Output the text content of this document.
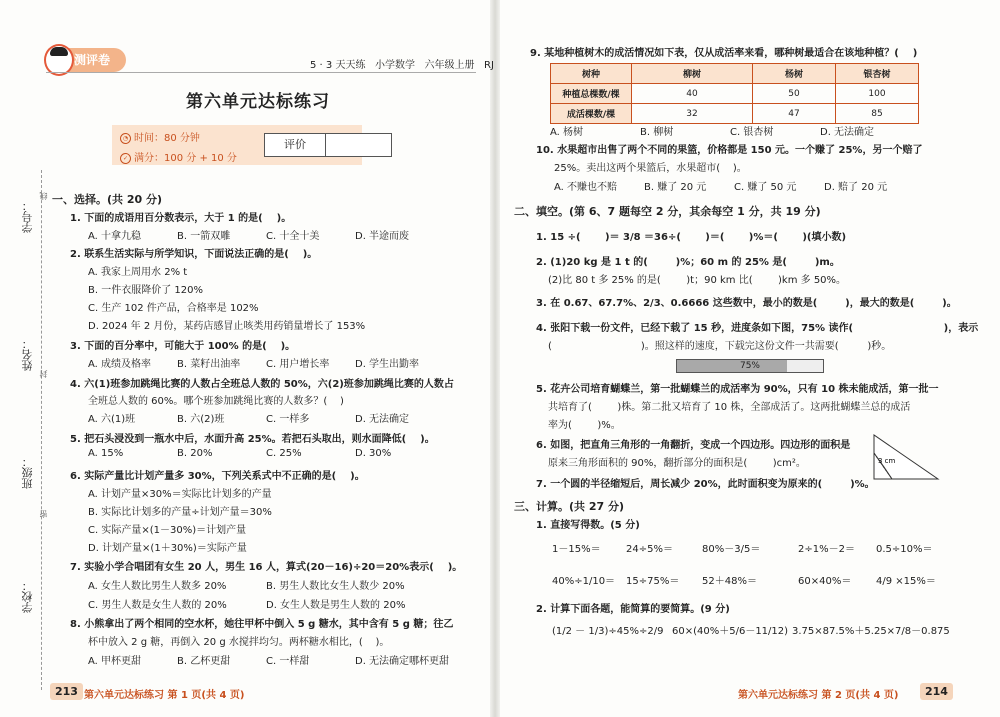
测评卷	5 · 3 天天练   小学数学   六年级上册   RJ
第六单元达标练习
◔ 时间：80 分钟
✓ 满分：100 分 + 10 分
评价
学号：
线
姓名：
封
班级：
密
学校：
一、选择。(共 20 分)
1. 下面的成语用百分数表示，大于 1 的是(    )。
A. 十拿九稳	B. 一箭双雕	C. 十全十美	D. 半途而废
2. 联系生活实际与所学知识，下面说法正确的是(    )。
A. 我家上周用水 2% t
B. 一件衣服降价了 120%
C. 生产 102 件产品，合格率是 102%
D. 2024 年 2 月份，某药店感冒止咳类用药销量增长了 153%
3. 下面的百分率中，可能大于 100% 的是(    )。
A. 成绩及格率	B. 菜籽出油率	C. 用户增长率	D. 学生出勤率
4. 六(1)班参加跳绳比赛的人数占全班总人数的 50%，六(2)班参加跳绳比赛的人数占
全班总人数的 60%。哪个班参加跳绳比赛的人数多？(    )
A. 六(1)班	B. 六(2)班	C. 一样多	D. 无法确定
5. 把石头浸没到一瓶水中后，水面升高 25%。若把石头取出，则水面降低(    )。
A. 15%	B. 20%	C. 25%	D. 30%
6. 实际产量比计划产量多 30%，下列关系式中不正确的是(    )。
A. 计划产量×30%＝实际比计划多的产量
B. 实际比计划多的产量÷计划产量＝30%
C. 实际产量×(1－30%)＝计划产量
D. 计划产量×(1＋30%)＝实际产量
7. 实验小学合唱团有女生 20 人，男生 16 人，算式(20－16)÷20＝20%表示(    )。
A. 女生人数比男生人数多 20%	B. 男生人数比女生人数少 20%
C. 男生人数是女生人数的 20%	D. 女生人数是男生人数的 20%
8. 小熊拿出了两个相同的空水杯，她往甲杯中倒入 5 g 糖水，其中含有 5 g 糖；往乙
杯中放入 2 g 糖，再倒入 20 g 水搅拌均匀。两杯糖水相比，(    )。
A. 甲杯更甜	B. 乙杯更甜	C. 一样甜	D. 无法确定哪杯更甜
213 第六单元达标练习 第 1 页(共 4 页)
9. 某地种植树木的成活情况如下表，仅从成活率来看，哪种树最适合在该地种植？(    )
树种	柳树	杨树	银杏树
种植总棵数/棵	40	50	100
成活棵数/棵	32	47	85
A. 杨树	B. 柳树	C. 银杏树	D. 无法确定
10. 水果超市出售了两个不同的果篮，价格都是 150 元。一个赚了 25%，另一个赔了
25%。卖出这两个果篮后，水果超市(    )。
A. 不赚也不赔	B. 赚了 20 元	C. 赚了 50 元	D. 赔了 20 元
二、填空。(第 6、7 题每空 2 分，其余每空 1 分，共 19 分)
1. 15 ÷(       )＝ 3/8 ＝36÷(       )＝(       )%＝(       )(填小数)
2. (1)20 kg 是 1 t 的(        )%；60 m 的 25% 是(        )m。
(2)比 80 t 多 25% 的是(        )t；90 km 比(        )km 多 50%。
3. 在 0.67、67.7%、2/3、0.6666 这些数中，最小的数是(        )，最大的数是(        )。
4. 张阳下载一份文件，已经下载了 15 秒，进度条如下图，75% 读作(                          )，表示
(                            )。照这样的速度，下载完这份文件一共需要(         )秒。
75%
5. 花卉公司培育蝴蝶兰，第一批蝴蝶兰的成活率为 90%，只有 10 株未能成活，第一批一
共培育了(        )株。第二批又培育了 10 株，全部成活了。这两批蝴蝶兰总的成活
率为(        )%。
6. 如图，把直角三角形的一角翻折，变成一个四边形。四边形的面积是
原来三角形面积的 90%，翻折部分的面积是(        )cm²。	3 cm
7. 一个圆的半径缩短后，周长减少 20%，此时面积变为原来的(        )%。
三、计算。(共 27 分)
1. 直接写得数。(5 分)
1－15%＝	24÷5%＝	80%－3/5＝	2÷1%－2＝ 0.5÷10%＝
40%÷1/10＝ 15÷75%＝ 52＋48%＝	60×40%＝ 4/9 ×15%＝
2. 计算下面各题，能简算的要简算。(9 分)
(1/2 － 1/3)÷45%÷2/9 60×(40%＋5/6－11/12) 3.75×87.5%＋5.25×7/8－0.875
第六单元达标练习 第 2 页(共 4 页)	214
